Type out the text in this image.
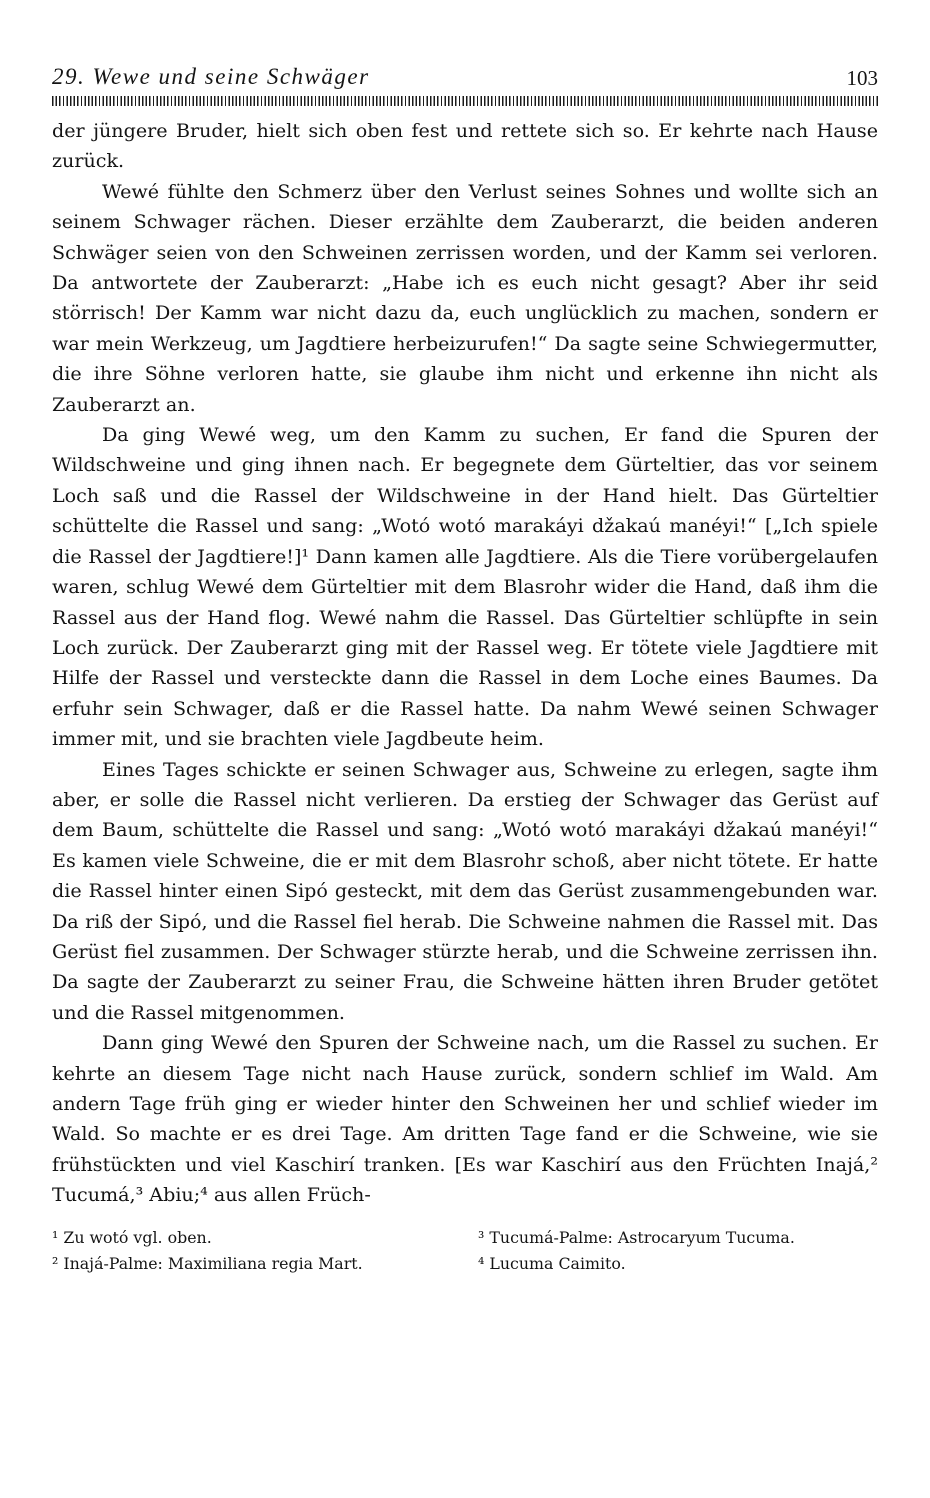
29. Wewe und seine Schwäger	103

der jüngere Bruder, hielt sich oben fest und rettete sich so. Er kehrte nach Hause zurück.

Wewé fühlte den Schmerz über den Verlust seines Sohnes und wollte sich an seinem Schwager rächen. Dieser erzählte dem Zauberarzt, die beiden anderen Schwäger seien von den Schweinen zerrissen worden, und der Kamm sei verloren. Da antwortete der Zauberarzt: „Habe ich es euch nicht gesagt? Aber ihr seid störrisch! Der Kamm war nicht dazu da, euch unglücklich zu machen, sondern er war mein Werkzeug, um Jagdtiere herbeizurufen!“ Da sagte seine Schwiegermutter, die ihre Söhne verloren hatte, sie glaube ihm nicht und erkenne ihn nicht als Zauberarzt an.

Da ging Wewé weg, um den Kamm zu suchen, Er fand die Spuren der Wildschweine und ging ihnen nach. Er begegnete dem Gürteltier, das vor seinem Loch saß und die Rassel der Wildschweine in der Hand hielt. Das Gürteltier schüttelte die Rassel und sang: „Wotó wotó marakáyi džakaú manéyi!“ [„Ich spiele die Rassel der Jagdtiere!]¹ Dann kamen alle Jagdtiere. Als die Tiere vorübergelaufen waren, schlug Wewé dem Gürteltier mit dem Blasrohr wider die Hand, daß ihm die Rassel aus der Hand flog. Wewé nahm die Rassel. Das Gürteltier schlüpfte in sein Loch zurück. Der Zauberarzt ging mit der Rassel weg. Er tötete viele Jagdtiere mit Hilfe der Rassel und versteckte dann die Rassel in dem Loche eines Baumes. Da erfuhr sein Schwager, daß er die Rassel hatte. Da nahm Wewé seinen Schwager immer mit, und sie brachten viele Jagdbeute heim.

Eines Tages schickte er seinen Schwager aus, Schweine zu erlegen, sagte ihm aber, er solle die Rassel nicht verlieren. Da erstieg der Schwager das Gerüst auf dem Baum, schüttelte die Rassel und sang: „Wotó wotó marakáyi džakaú manéyi!“ Es kamen viele Schweine, die er mit dem Blasrohr schoß, aber nicht tötete. Er hatte die Rassel hinter einen Sipó gesteckt, mit dem das Gerüst zusammengebunden war. Da riß der Sipó, und die Rassel fiel herab. Die Schweine nahmen die Rassel mit. Das Gerüst fiel zusammen. Der Schwager stürzte herab, und die Schweine zerrissen ihn. Da sagte der Zauberarzt zu seiner Frau, die Schweine hätten ihren Bruder getötet und die Rassel mitgenommen.

Dann ging Wewé den Spuren der Schweine nach, um die Rassel zu suchen. Er kehrte an diesem Tage nicht nach Hause zurück, sondern schlief im Wald. Am andern Tage früh ging er wieder hinter den Schweinen her und schlief wieder im Wald. So machte er es drei Tage. Am dritten Tage fand er die Schweine, wie sie frühstückten und viel Kaschirí tranken. [Es war Kaschirí aus den Früchten Inajá,² Tucumá,³ Abiu;⁴ aus allen Früch-

¹ Zu wotó vgl. oben.
² Inajá-Palme: Maximiliana regia Mart.
³ Tucumá-Palme: Astrocaryum Tucuma.
⁴ Lucuma Caimito.
